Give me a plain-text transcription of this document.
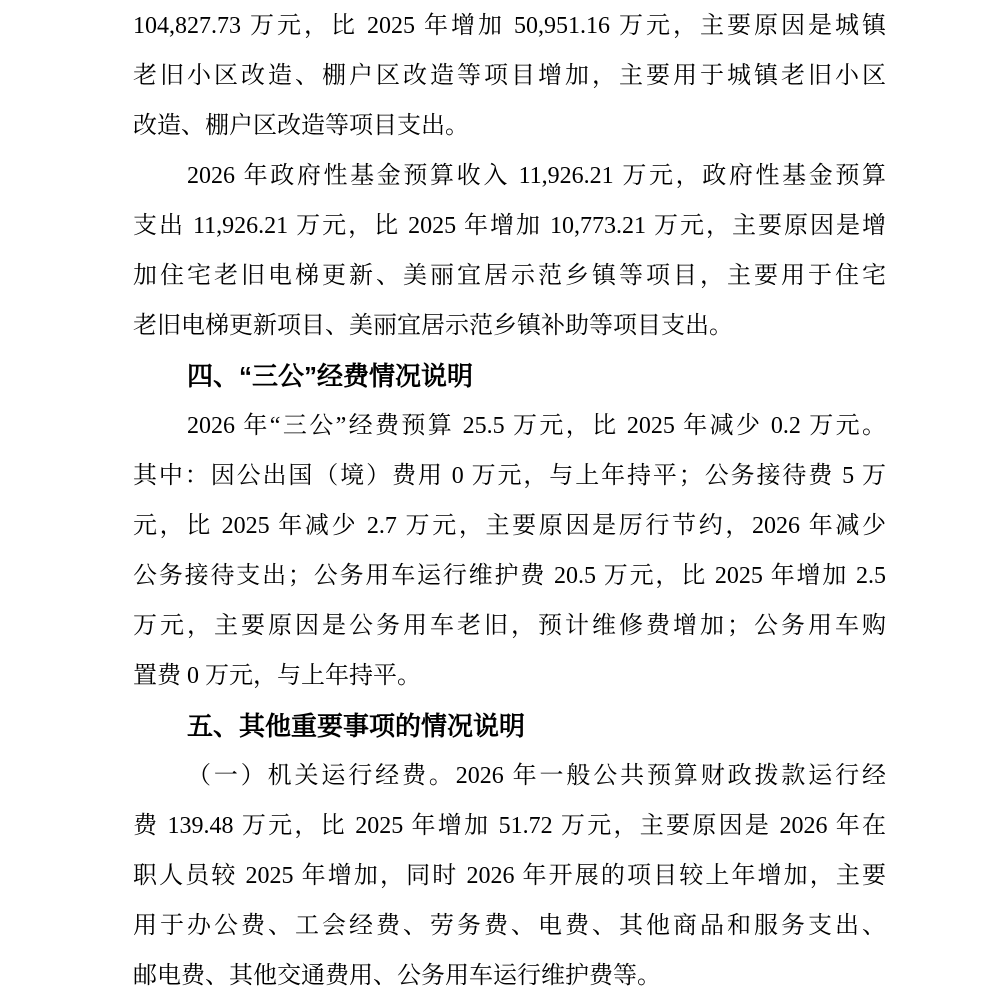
104,827.73 万元，比 2025 年增加 50,951.16 万元，主要原因是城镇
老旧小区改造、棚户区改造等项目增加，主要用于城镇老旧小区
改造、棚户区改造等项目支出。
2026 年政府性基金预算收入 11,926.21 万元，政府性基金预算
支出 11,926.21 万元，比 2025 年增加 10,773.21 万元，主要原因是增
加住宅老旧电梯更新、美丽宜居示范乡镇等项目，主要用于住宅
老旧电梯更新项目、美丽宜居示范乡镇补助等项目支出。
四、“三公”经费情况说明
2026 年“三公”经费预算 25.5 万元，比 2025 年减少 0.2 万元。
其中：因公出国（境）费用 0 万元，与上年持平；公务接待费 5 万
元，比 2025 年减少 2.7 万元，主要原因是厉行节约，2026 年减少
公务接待支出；公务用车运行维护费 20.5 万元，比 2025 年增加 2.5
万元，主要原因是公务用车老旧，预计维修费增加；公务用车购
置费 0 万元，与上年持平。
五、其他重要事项的情况说明
（一）机关运行经费。2026 年一般公共预算财政拨款运行经
费 139.48 万元，比 2025 年增加 51.72 万元，主要原因是 2026 年在
职人员较 2025 年增加，同时 2026 年开展的项目较上年增加，主要
用于办公费、工会经费、劳务费、电费、其他商品和服务支出、
邮电费、其他交通费用、公务用车运行维护费等。
